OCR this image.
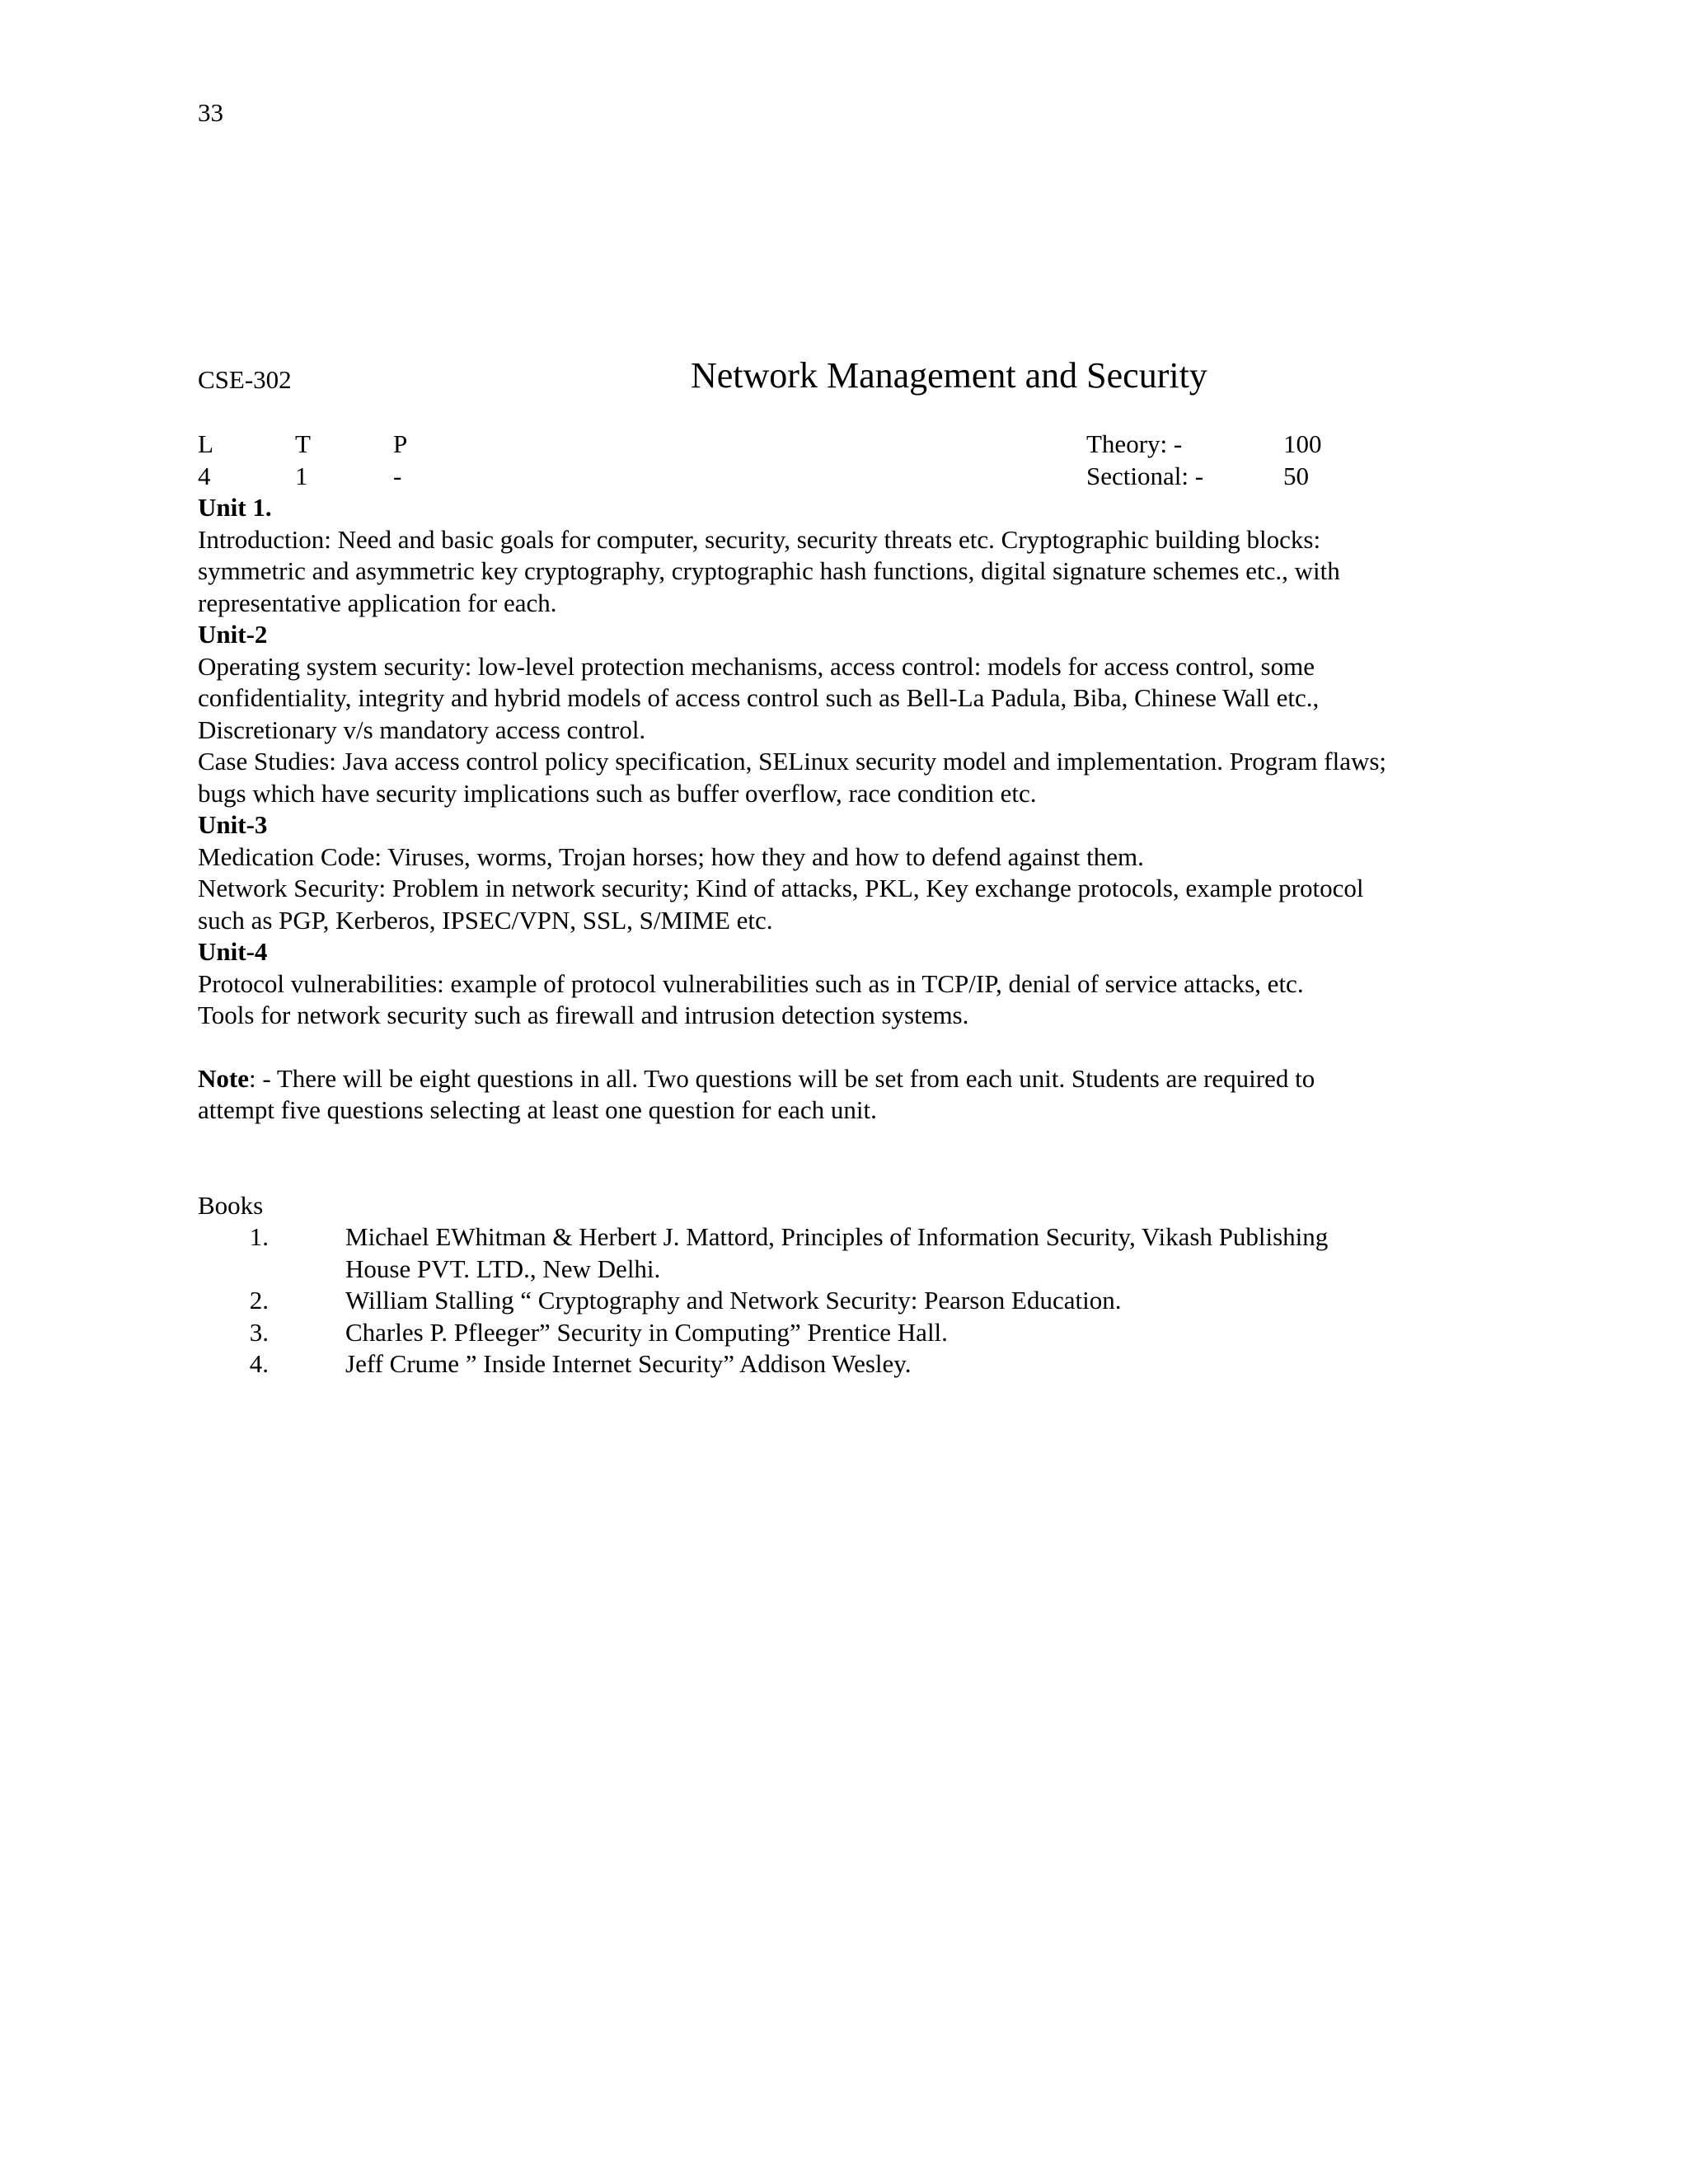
33
CSE-302	Network Management and Security
L	T	P	Theory: -	100
4	1	-	Sectional: -	50

Unit 1.

Introduction: Need and basic goals for computer, security, security threats etc. Cryptographic building blocks:

symmetric and asymmetric key cryptography, cryptographic hash functions, digital signature schemes etc., with

representative application for each.

Unit-2

Operating system security: low-level protection mechanisms, access control: models for access control, some

confidentiality, integrity and hybrid models of access control such as Bell-La Padula, Biba, Chinese Wall etc.,

Discretionary v/s mandatory access control.

Case Studies: Java access control policy specification, SELinux security model and implementation. Program flaws;

bugs which have security implications such as buffer overflow, race condition etc.

Unit-3

Medication Code: Viruses, worms, Trojan horses; how they and how to defend against them.

Network Security: Problem in network security; Kind of attacks, PKL, Key exchange protocols, example protocol

such as PGP, Kerberos, IPSEC/VPN, SSL, S/MIME etc.

Unit-4

Protocol vulnerabilities: example of protocol vulnerabilities such as in TCP/IP, denial of service attacks, etc.

Tools for network security such as firewall and intrusion detection systems.

Note: - There will be eight questions in all. Two questions will be set from each unit. Students are required to

attempt five questions selecting at least one question for each unit.

Books

1.	Michael EWhitman & Herbert J. Mattord, Principles of Information Security, Vikash Publishing
House PVT. LTD., New Delhi.
2.	William Stalling “ Cryptography and Network Security: Pearson Education.
3.	Charles P. Pfleeger” Security in Computing” Prentice Hall.
4.	Jeff Crume ” Inside Internet Security” Addison Wesley.
